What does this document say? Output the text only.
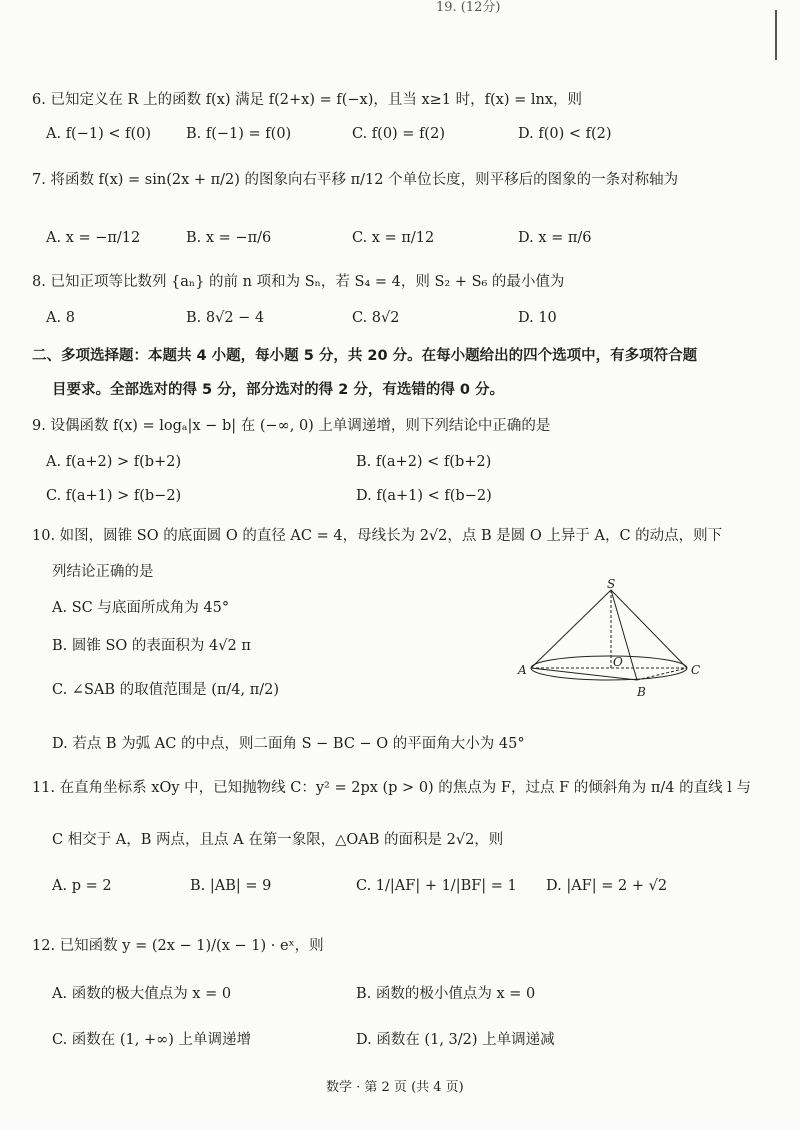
19. (12分)
6. 已知定义在 R 上的函数 f(x) 满足 f(2+x) = f(−x)，且当 x≥1 时，f(x) = lnx，则
A. f(−1) < f(0) B. f(−1) = f(0)	C. f(0) = f(2)	D. f(0) < f(2)
7. 将函数 f(x) = sin(2x + π/2) 的图象向右平移 π/12 个单位长度，则平移后的图象的一条对称轴为
A. x = −π/12	B. x = −π/6	C. x = π/12	D. x = π/6
8. 已知正项等比数列 {aₙ} 的前 n 项和为 Sₙ，若 S₄ = 4，则 S₂ + S₆ 的最小值为
A. 8	B. 8√2 − 4	C. 8√2	D. 10
二、多项选择题：本题共 4 小题，每小题 5 分，共 20 分。在每小题给出的四个选项中，有多项符合题
目要求。全部选对的得 5 分，部分选对的得 2 分，有选错的得 0 分。
9. 设偶函数 f(x) = logₐ|x − b| 在 (−∞, 0) 上单调递增，则下列结论中正确的是
A. f(a+2) > f(b+2)	B. f(a+2) < f(b+2)
C. f(a+1) > f(b−2)	D. f(a+1) < f(b−2)
10. 如图，圆锥 SO 的底面圆 O 的直径 AC = 4，母线长为 2√2，点 B 是圆 O 上异于 A，C 的动点，则下
列结论正确的是
A. SC 与底面所成角为 45°
B. 圆锥 SO 的表面积为 4√2 π
C. ∠SAB 的取值范围是 (π/4, π/2)
D. 若点 B 为弧 AC 的中点，则二面角 S − BC − O 的平面角大小为 45°
S
O
A
B
C
11. 在直角坐标系 xOy 中，已知抛物线 C：y² = 2px (p > 0) 的焦点为 F，过点 F 的倾斜角为 π/4 的直线 l 与
C 相交于 A，B 两点，且点 A 在第一象限，△OAB 的面积是 2√2，则
A. p = 2	B. |AB| = 9	C. 1/|AF| + 1/|BF| = 1 D. |AF| = 2 + √2
12. 已知函数 y = (2x − 1)/(x − 1) · eˣ，则
A. 函数的极大值点为 x = 0	B. 函数的极小值点为 x = 0
C. 函数在 (1, +∞) 上单调递增	D. 函数在 (1, 3/2) 上单调递减
数学 · 第 2 页 (共 4 页)
